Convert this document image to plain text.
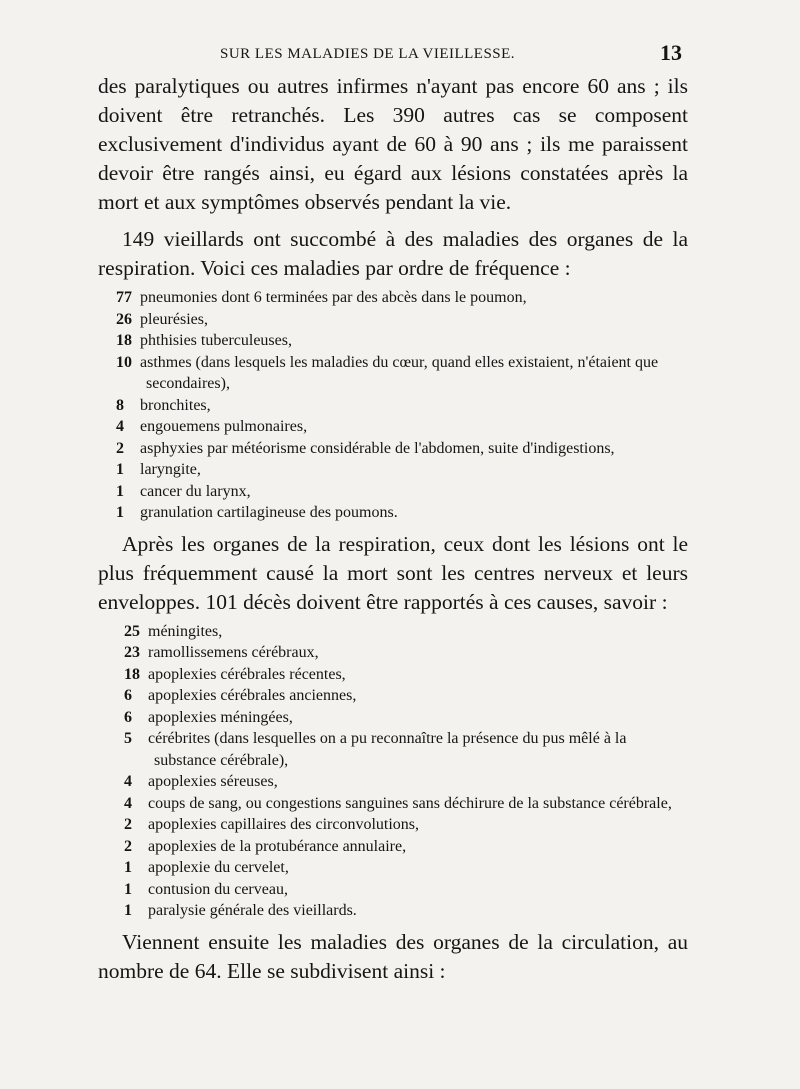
SUR LES MALADIES DE LA VIEILLESSE.	13

des paralytiques ou autres infirmes n'ayant pas encore 60 ans ; ils doivent être retranchés. Les 390 autres cas se composent exclusivement d'individus ayant de 60 à 90 ans ; ils me paraissent devoir être rangés ainsi, eu égard aux lésions constatées après la mort et aux symptômes observés pendant la vie.

149 vieillards ont succombé à des maladies des organes de la respiration. Voici ces maladies par ordre de fréquence :

77 pneumonies dont 6 terminées par des abcès dans le poumon,
26 pleurésies,
18 phthisies tuberculeuses,
10 asthmes (dans lesquels les maladies du cœur, quand elles existaient, n'étaient que secondaires),
8 bronchites,
4 engouemens pulmonaires,
2 asphyxies par météorisme considérable de l'abdomen, suite d'indigestions,
1 laryngite,
1 cancer du larynx,
1 granulation cartilagineuse des poumons.

Après les organes de la respiration, ceux dont les lésions ont le plus fréquemment causé la mort sont les centres nerveux et leurs enveloppes. 101 décès doivent être rapportés à ces causes, savoir :

25 méningites,
23 ramollissemens cérébraux,
18 apoplexies cérébrales récentes,
6 apoplexies cérébrales anciennes,
6 apoplexies méningées,
5 cérébrites (dans lesquelles on a pu reconnaître la présence du pus mêlé à la substance cérébrale),
4 apoplexies séreuses,
4 coups de sang, ou congestions sanguines sans déchirure de la substance cérébrale,
2 apoplexies capillaires des circonvolutions,
2 apoplexies de la protubérance annulaire,
1 apoplexie du cervelet,
1 contusion du cerveau,
1 paralysie générale des vieillards.

Viennent ensuite les maladies des organes de la circulation, au nombre de 64. Elle se subdivisent ainsi :
